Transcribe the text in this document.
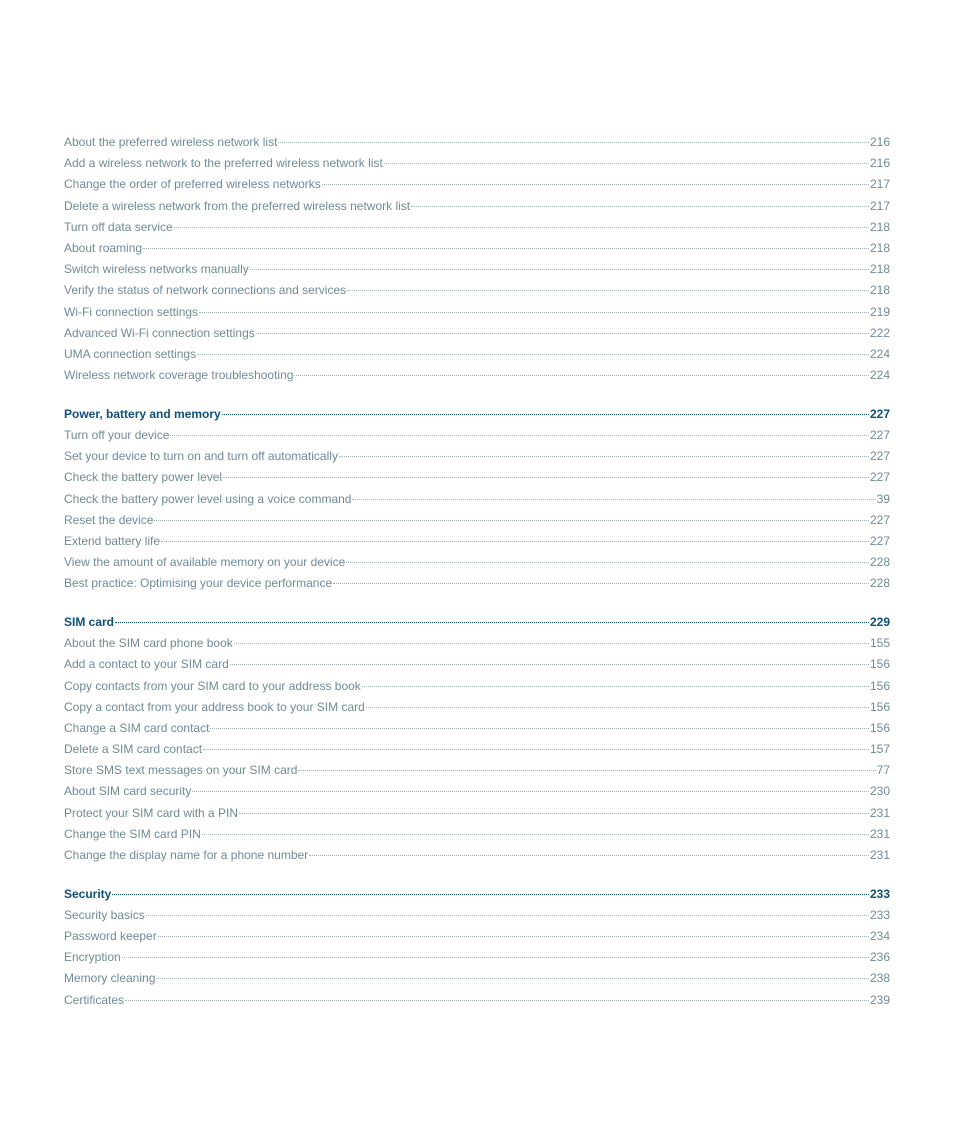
About the preferred wireless network list	216
Add a wireless network to the preferred wireless network list	216
Change the order of preferred wireless networks	217
Delete a wireless network from the preferred wireless network list	217
Turn off data service	218
About roaming	218
Switch wireless networks manually	218
Verify the status of network connections and services	218
Wi-Fi connection settings	219
Advanced Wi-Fi connection settings	222
UMA connection settings	224
Wireless network coverage troubleshooting	224
Power, battery and memory	227
Turn off your device	227
Set your device to turn on and turn off automatically	227
Check the battery power level	227
Check the battery power level using a voice command	39
Reset the device	227
Extend battery life	227
View the amount of available memory on your device	228
Best practice: Optimising your device performance	228
SIM card	229
About the SIM card phone book	155
Add a contact to your SIM card	156
Copy contacts from your SIM card to your address book	156
Copy a contact from your address book to your SIM card	156
Change a SIM card contact	156
Delete a SIM card contact	157
Store SMS text messages on your SIM card	77
About SIM card security	230
Protect your SIM card with a PIN	231
Change the SIM card PIN	231
Change the display name for a phone number	231
Security	233
Security basics	233
Password keeper	234
Encryption	236
Memory cleaning	238
Certificates	239
